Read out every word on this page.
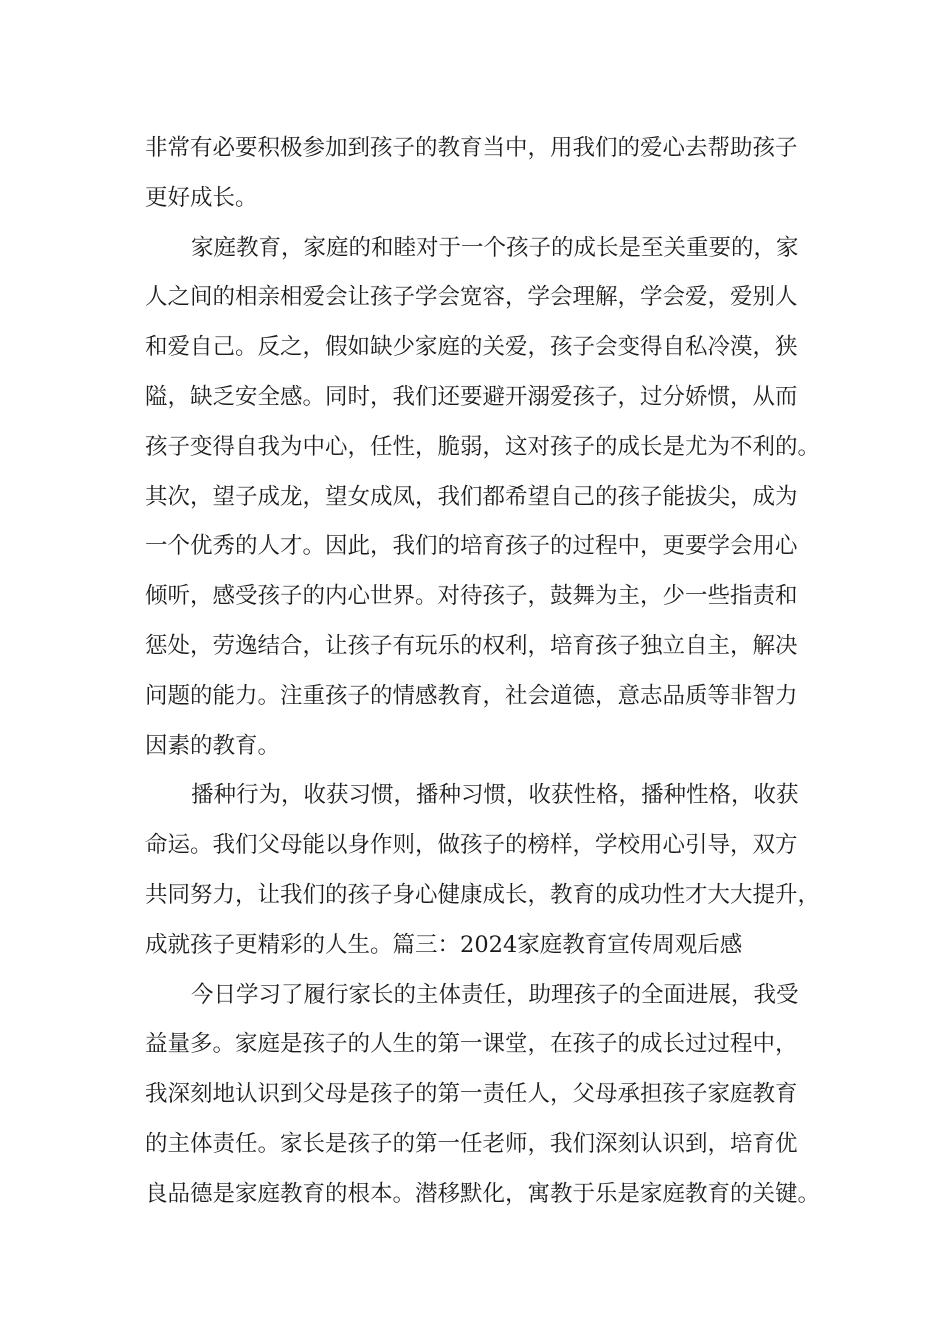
非常有必要积极参加到孩子的教育当中，用我们的爱心去帮助孩子
更好成长。
家庭教育，家庭的和睦对于一个孩子的成长是至关重要的，家
人之间的相亲相爱会让孩子学会宽容，学会理解，学会爱，爱别人
和爱自己。反之，假如缺少家庭的关爱，孩子会变得自私冷漠，狭
隘，缺乏安全感。同时，我们还要避开溺爱孩子，过分娇惯，从而
孩子变得自我为中心，任性，脆弱，这对孩子的成长是尤为不利的。
其次，望子成龙，望女成凤，我们都希望自己的孩子能拔尖，成为
一个优秀的人才。因此，我们的培育孩子的过程中，更要学会用心
倾听，感受孩子的内心世界。对待孩子，鼓舞为主，少一些指责和
惩处，劳逸结合，让孩子有玩乐的权利，培育孩子独立自主，解决
问题的能力。注重孩子的情感教育，社会道德，意志品质等非智力
因素的教育。
播种行为，收获习惯，播种习惯，收获性格，播种性格，收获
命运。我们父母能以身作则，做孩子的榜样，学校用心引导，双方
共同努力，让我们的孩子身心健康成长，教育的成功性才大大提升，
成就孩子更精彩的人生。篇三：2024家庭教育宣传周观后感
今日学习了履行家长的主体责任，助理孩子的全面进展，我受
益量多。家庭是孩子的人生的第一课堂，在孩子的成长过过程中，
我深刻地认识到父母是孩子的第一责任人，父母承担孩子家庭教育
的主体责任。家长是孩子的第一任老师，我们深刻认识到，培育优
良品德是家庭教育的根本。潜移默化，寓教于乐是家庭教育的关键。
